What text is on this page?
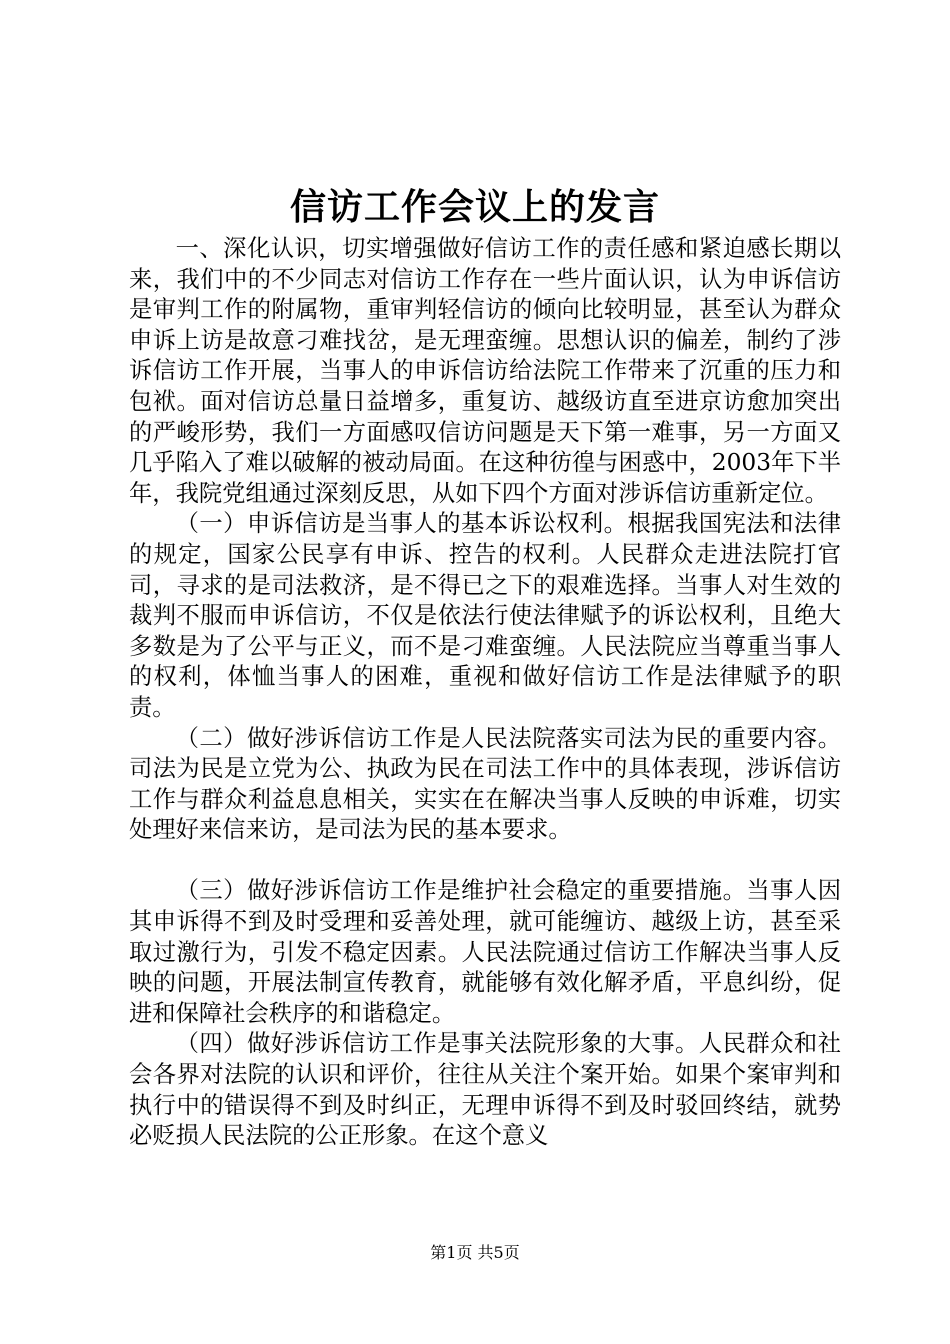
信访工作会议上的发言

一、深化认识，切实增强做好信访工作的责任感和紧迫感长期以来，我们中的不少同志对信访工作存在一些片面认识，认为申诉信访是审判工作的附属物，重审判轻信访的倾向比较明显，甚至认为群众申诉上访是故意刁难找岔，是无理蛮缠。思想认识的偏差，制约了涉诉信访工作开展，当事人的申诉信访给法院工作带来了沉重的压力和包袱。面对信访总量日益增多，重复访、越级访直至进京访愈加突出的严峻形势，我们一方面感叹信访问题是天下第一难事，另一方面又几乎陷入了难以破解的被动局面。在这种彷徨与困惑中，2003年下半年，我院党组通过深刻反思，从如下四个方面对涉诉信访重新定位。

（一）申诉信访是当事人的基本诉讼权利。根据我国宪法和法律的规定，国家公民享有申诉、控告的权利。人民群众走进法院打官司，寻求的是司法救济，是不得已之下的艰难选择。当事人对生效的裁判不服而申诉信访，不仅是依法行使法律赋予的诉讼权利，且绝大多数是为了公平与正义，而不是刁难蛮缠。人民法院应当尊重当事人的权利，体恤当事人的困难，重视和做好信访工作是法律赋予的职责。

（二）做好涉诉信访工作是人民法院落实司法为民的重要内容。司法为民是立党为公、执政为民在司法工作中的具体表现，涉诉信访工作与群众利益息息相关，实实在在解决当事人反映的申诉难，切实处理好来信来访，是司法为民的基本要求。

（三）做好涉诉信访工作是维护社会稳定的重要措施。当事人因其申诉得不到及时受理和妥善处理，就可能缠访、越级上访，甚至采取过激行为，引发不稳定因素。人民法院通过信访工作解决当事人反映的问题，开展法制宣传教育，就能够有效化解矛盾，平息纠纷，促进和保障社会秩序的和谐稳定。

（四）做好涉诉信访工作是事关法院形象的大事。人民群众和社会各界对法院的认识和评价，往往从关注个案开始。如果个案审判和执行中的错误得不到及时纠正，无理申诉得不到及时驳回终结，就势必贬损人民法院的公正形象。在这个意义

第1页 共5页
